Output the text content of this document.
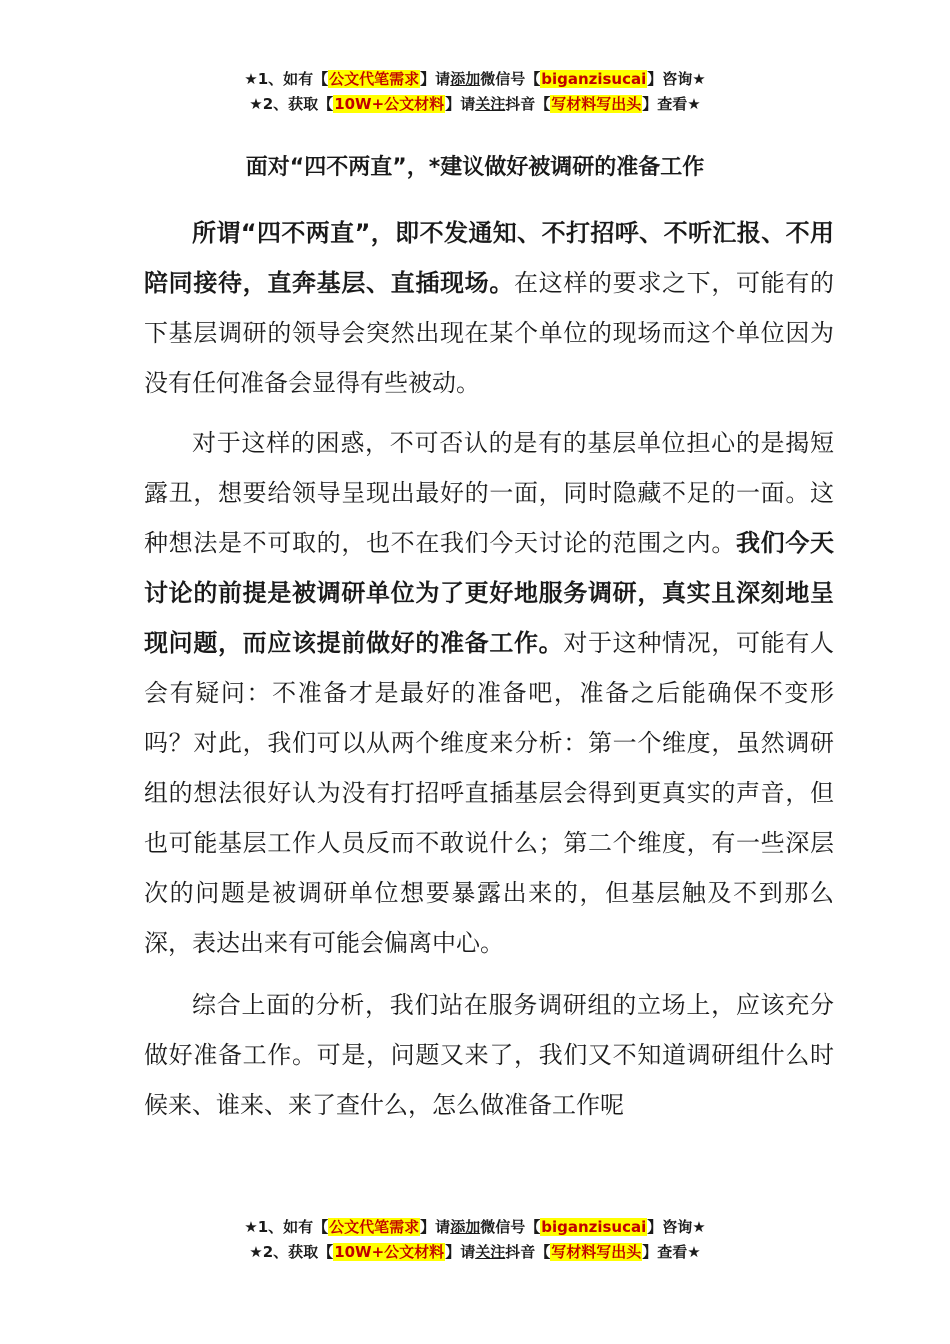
★1、如有【公文代笔需求】请添加微信号【biganzisucai】咨询★
★2、获取【10W+公文材料】请关注抖音【写材料写出头】查看★
面对“四不两直”，*建议做好被调研的准备工作

所谓“四不两直”，即不发通知、不打招呼、不听汇报、不用陪同接待，直奔基层、直插现场。在这样的要求之下，可能有的下基层调研的领导会突然出现在某个单位的现场而这个单位因为没有任何准备会显得有些被动。

对于这样的困惑，不可否认的是有的基层单位担心的是揭短露丑，想要给领导呈现出最好的一面，同时隐藏不足的一面。这种想法是不可取的，也不在我们今天讨论的范围之内。我们今天讨论的前提是被调研单位为了更好地服务调研，真实且深刻地呈现问题，而应该提前做好的准备工作。对于这种情况，可能有人会有疑问：不准备才是最好的准备吧，准备之后能确保不变形吗？对此，我们可以从两个维度来分析：第一个维度，虽然调研组的想法很好认为没有打招呼直插基层会得到更真实的声音，但也可能基层工作人员反而不敢说什么；第二个维度，有一些深层次的问题是被调研单位想要暴露出来的，但基层触及不到那么深，表达出来有可能会偏离中心。

综合上面的分析，我们站在服务调研组的立场上，应该充分做好准备工作。可是，问题又来了，我们又不知道调研组什么时候来、谁来、来了查什么，怎么做准备工作呢

★1、如有【公文代笔需求】请添加微信号【biganzisucai】咨询★
★2、获取【10W+公文材料】请关注抖音【写材料写出头】查看★
